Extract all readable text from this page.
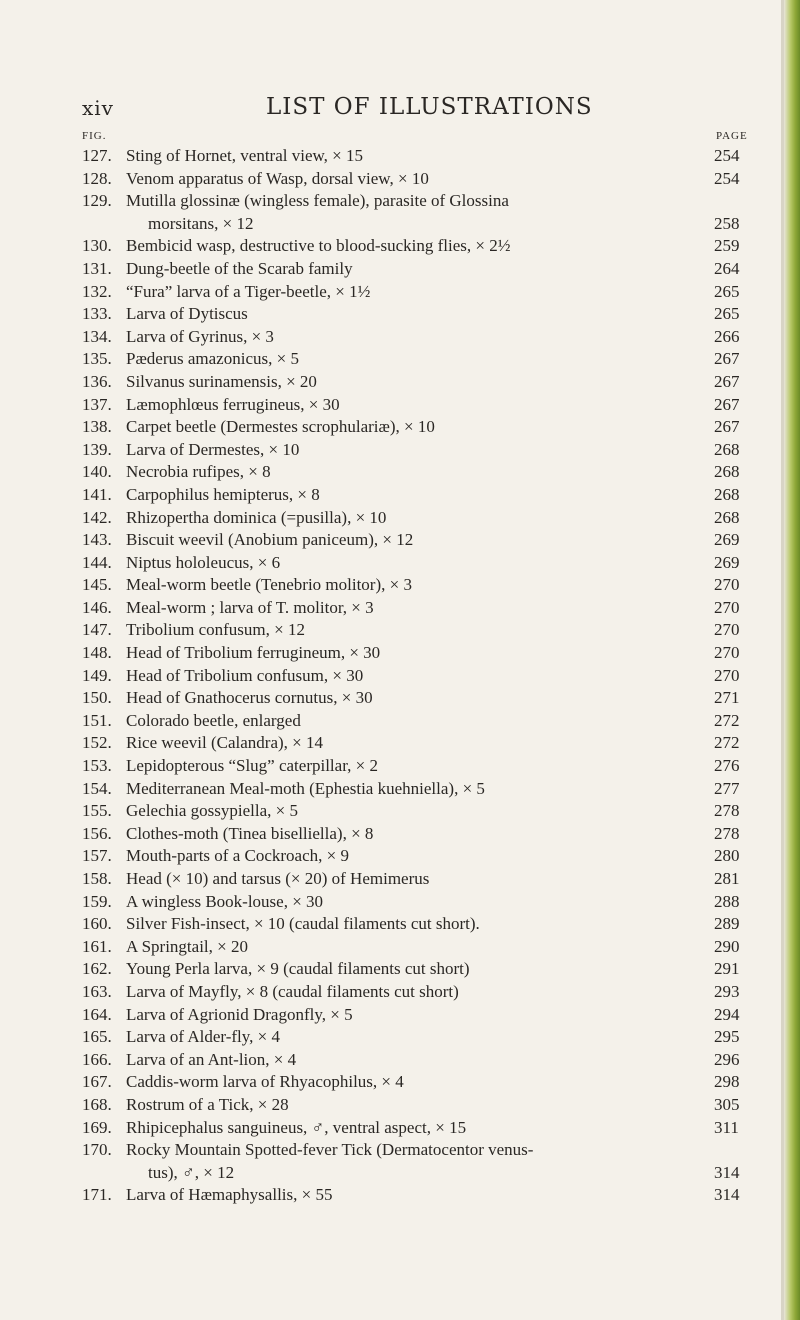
xiv	LIST OF ILLUSTRATIONS
FIG.	PAGE
127. Sting of Hornet, ventral view, × 15	254
128. Venom apparatus of Wasp, dorsal view, × 10	254
129. Mutilla glossinæ (wingless female), parasite of Glossina
morsitans, × 12	258
130. Bembicid wasp, destructive to blood-sucking flies, × 2½	259
131. Dung-beetle of the Scarab family	264
132. “Fura” larva of a Tiger-beetle, × 1½	265
133. Larva of Dytiscus	265
134. Larva of Gyrinus, × 3	266
135. Pæderus amazonicus, × 5	267
136. Silvanus surinamensis, × 20	267
137. Læmophlœus ferrugineus, × 30	267
138. Carpet beetle (Dermestes scrophulariæ), × 10	267
139. Larva of Dermestes, × 10	268
140. Necrobia rufipes, × 8	268
141. Carpophilus hemipterus, × 8	268
142. Rhizopertha dominica (=pusilla), × 10	268
143. Biscuit weevil (Anobium paniceum), × 12	269
144. Niptus hololeucus, × 6	269
145. Meal-worm beetle (Tenebrio molitor), × 3	270
146. Meal-worm ; larva of T. molitor, × 3	270
147. Tribolium confusum, × 12	270
148. Head of Tribolium ferrugineum, × 30	270
149. Head of Tribolium confusum, × 30	270
150. Head of Gnathocerus cornutus, × 30	271
151. Colorado beetle, enlarged	272
152. Rice weevil (Calandra), × 14	272
153. Lepidopterous “Slug” caterpillar, × 2	276
154. Mediterranean Meal-moth (Ephestia kuehniella), × 5	277
155. Gelechia gossypiella, × 5	278
156. Clothes-moth (Tinea biselliella), × 8	278
157. Mouth-parts of a Cockroach, × 9	280
158. Head (× 10) and tarsus (× 20) of Hemimerus	281
159. A wingless Book-louse, × 30	288
160. Silver Fish-insect, × 10 (caudal filaments cut short).	289
161. A Springtail, × 20	290
162. Young Perla larva, × 9 (caudal filaments cut short)	291
163. Larva of Mayfly, × 8 (caudal filaments cut short)	293
164. Larva of Agrionid Dragonfly, × 5	294
165. Larva of Alder-fly, × 4	295
166. Larva of an Ant-lion, × 4	296
167. Caddis-worm larva of Rhyacophilus, × 4	298
168. Rostrum of a Tick, × 28	305
169. Rhipicephalus sanguineus, ♂, ventral aspect, × 15	311
170. Rocky Mountain Spotted-fever Tick (Dermatocentor venus-
tus), ♂, × 12	314
171. Larva of Hæmaphysallis, × 55	314
